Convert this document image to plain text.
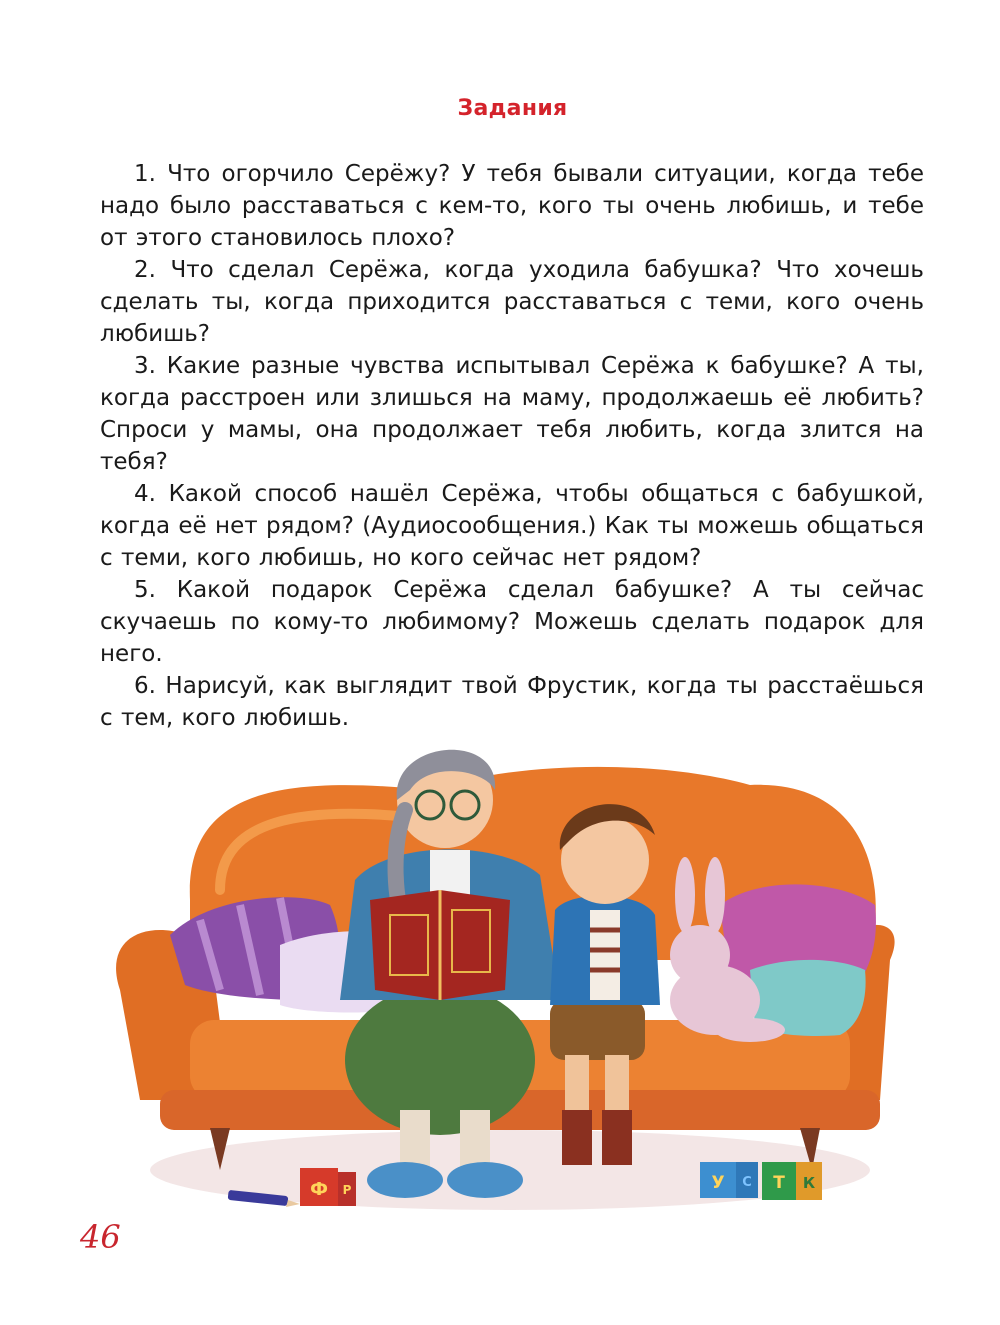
Задания

1. Что огорчило Серёжу? У тебя бывали ситуации, когда тебе надо было расставаться с кем-то, кого ты очень любишь, и тебе от этого становилось плохо?

2. Что сделал Серёжа, когда уходила бабушка? Что хочешь сделать ты, когда приходится расставаться с теми, кого очень любишь?

3. Какие разные чувства испытывал Серёжа к бабушке? А ты, когда расстроен или злишься на маму, продолжаешь её любить? Спроси у мамы, она продолжает тебя любить, когда злится на тебя?

4. Какой способ нашёл Серёжа, чтобы общаться с бабушкой, когда её нет рядом? (Аудиосообщения.) Как ты можешь общаться с теми, кого любишь, но кого сейчас нет рядом?

5. Какой подарок Серёжа сделал бабушке? А ты сейчас скучаешь по кому-то любимому? Можешь сделать подарок для него.

6. Нарисуй, как выглядит твой Фрустик, когда ты расстаёшься с тем, кого любишь.

Ф Р	У С Т К
46
